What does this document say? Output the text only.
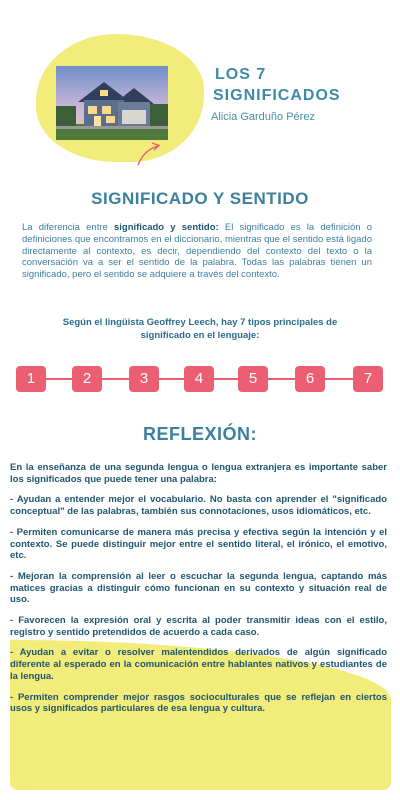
LOS 7
SIGNIFICADOS
Alicia Garduño Pérez
SIGNIFICADO Y SENTIDO
La diferencia entre significado y sentido: El significado es la definición o definiciones que encontramos en el diccionario, mientras que el sentido está ligado directamente al contexto, es decir, dependiendo del contexto del texto o la conversación va a ser el sentido de la palabra. Todas las palabras tienen un significado, pero el sentido se adquiere a través del contexto.
Según el lingüista Geoffrey Leech, hay 7 tipos principales de significado en el lenguaje:
1	2	3	4	5	6	7
REFLEXIÓN:

En la enseñanza de una segunda lengua o lengua extranjera es importante saber los significados que puede tener una palabra:

- Ayudan a entender mejor el vocabulario. No basta con aprender el "significado conceptual" de las palabras, también sus connotaciones, usos idiomáticos, etc.

- Permiten comunicarse de manera más precisa y efectiva según la intención y el contexto. Se puede distinguir mejor entre el sentido literal, el irónico, el emotivo, etc.

- Mejoran la comprensión al leer o escuchar la segunda lengua, captando más matices gracias a distinguir cómo funcionan en su contexto y situación real de uso.

- Favorecen la expresión oral y escrita al poder transmitir ideas con el estilo, registro y sentido pretendidos de acuerdo a cada caso.

- Ayudan a evitar o resolver malentendidos derivados de algún significado diferente al esperado en la comunicación entre hablantes nativos y estudiantes de la lengua.

- Permiten comprender mejor rasgos socioculturales que se reflejan en ciertos usos y significados particulares de esa lengua y cultura.
